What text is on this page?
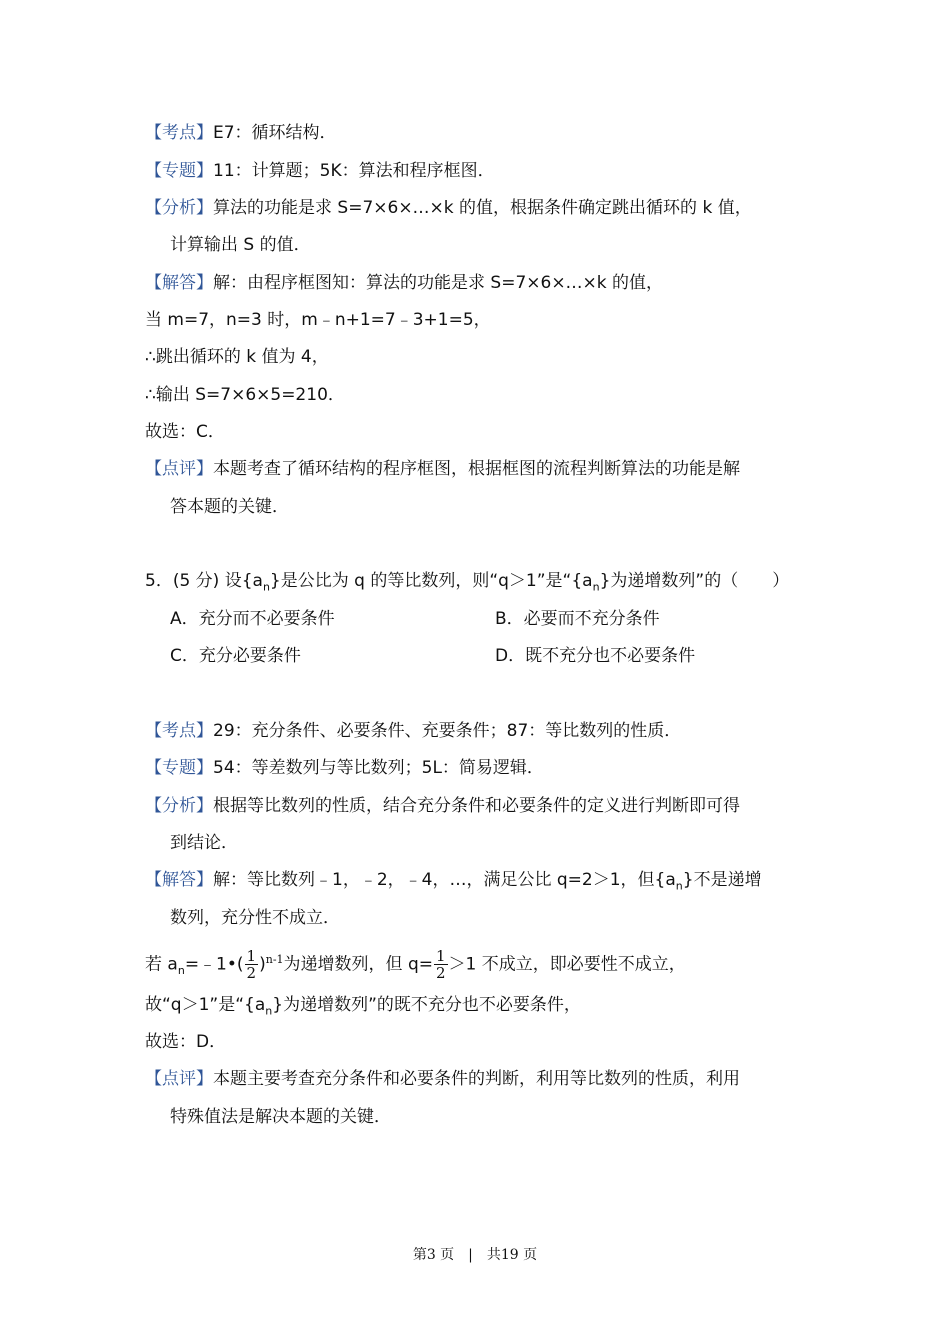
【考点】E7：循环结构．
【专题】11：计算题；5K：算法和程序框图．
【分析】算法的功能是求 S=7×6×…×k 的值，根据条件确定跳出循环的 k 值，
计算输出 S 的值．
【解答】解：由程序框图知：算法的功能是求 S=7×6×…×k 的值，
当 m=7，n=3 时，m﹣n+1=7﹣3+1=5，
∴跳出循环的 k 值为 4，
∴输出 S=7×6×5=210．
故选：C．
【点评】本题考查了循环结构的程序框图，根据框图的流程判断算法的功能是解
答本题的关键．
5．(5 分) 设$\{a_n\}$是公比为 q 的等比数列，则“q＞1”是“$\{a_n\}$为递增数列”的（　　）
A．充分而不必要条件	B．必要而不充分条件
C．充分必要条件	D．既不充分也不必要条件
【考点】29：充分条件、必要条件、充要条件；87：等比数列的性质．
【专题】54：等差数列与等比数列；5L：简易逻辑．
【分析】根据等比数列的性质，结合充分条件和必要条件的定义进行判断即可得
到结论．
【解答】解：等比数列﹣1，﹣2，﹣4，…，满足公比 q=2＞1，但$\{a_n\}$不是递增
数列，充分性不成立．
若 $a_n=﹣1•( \frac{1}{2} )^{n-1}$为递增数列，但 $q= \frac{1}{2} >1$ 不成立，即必要性不成立，
故“q＞1”是“$\{a_n\}$为递增数列”的既不充分也不必要条件，
故选：D．
【点评】本题主要考查充分条件和必要条件的判断，利用等比数列的性质，利用
特殊值法是解决本题的关键．
第3 页　|　共19 页
